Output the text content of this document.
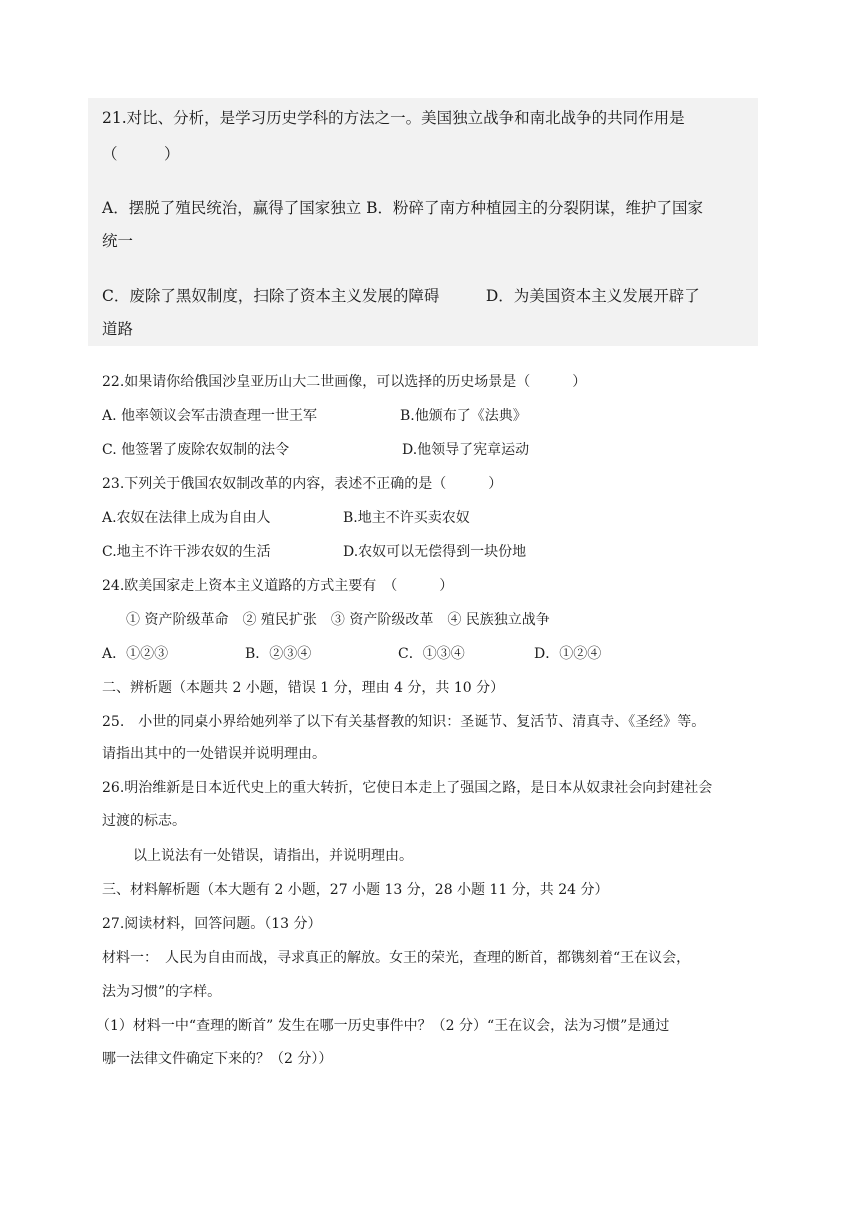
21.对比、分析，是学习历史学科的方法之一。美国独立战争和南北战争的共同作用是
（　　　）
A．摆脱了殖民统治，赢得了国家独立 B．粉碎了南方种植园主的分裂阴谋，维护了国家
统一
C．废除了黑奴制度，扫除了资本主义发展的障碍　　　D．为美国资本主义发展开辟了
道路
22.如果请你给俄国沙皇亚历山大二世画像，可以选择的历史场景是（　　　）
A. 他率领议会军击溃查理一世王军	B.他颁布了《法典》
C. 他签署了废除农奴制的法令	D.他领导了宪章运动
23.下列关于俄国农奴制改革的内容，表述不正确的是（　　　）
A.农奴在法律上成为自由人	B.地主不许买卖农奴
C.地主不许干涉农奴的生活	D.农奴可以无偿得到一块份地
24.欧美国家走上资本主义道路的方式主要有　（　　　）
① 资产阶级革命　② 殖民扩张　③ 资产阶级改革　④ 民族独立战争
A．①②③	B．②③④	C．①③④	D．①②④
二、辨析题（本题共 2 小题，错误 1 分，理由 4 分，共 10 分）
25.　小世的同桌小界给她列举了以下有关基督教的知识：圣诞节、复活节、清真寺、《圣经》等。
请指出其中的一处错误并说明理由。
26.明治维新是日本近代史上的重大转折，它使日本走上了强国之路，是日本从奴隶社会向封建社会
过渡的标志。
以上说法有一处错误，请指出，并说明理由。
三、材料解析题（本大题有 2 小题，27 小题 13 分，28 小题 11 分，共 24 分）
27.阅读材料，回答问题。（13 分）
材料一：　人民为自由而战，寻求真正的解放。女王的荣光，查理的断首，都镌刻着“王在议会，
法为习惯”的字样。
（1）材料一中“查理的断首” 发生在哪一历史事件中？（2 分）“王在议会，法为习惯”是通过
哪一法律文件确定下来的？（2 分））
